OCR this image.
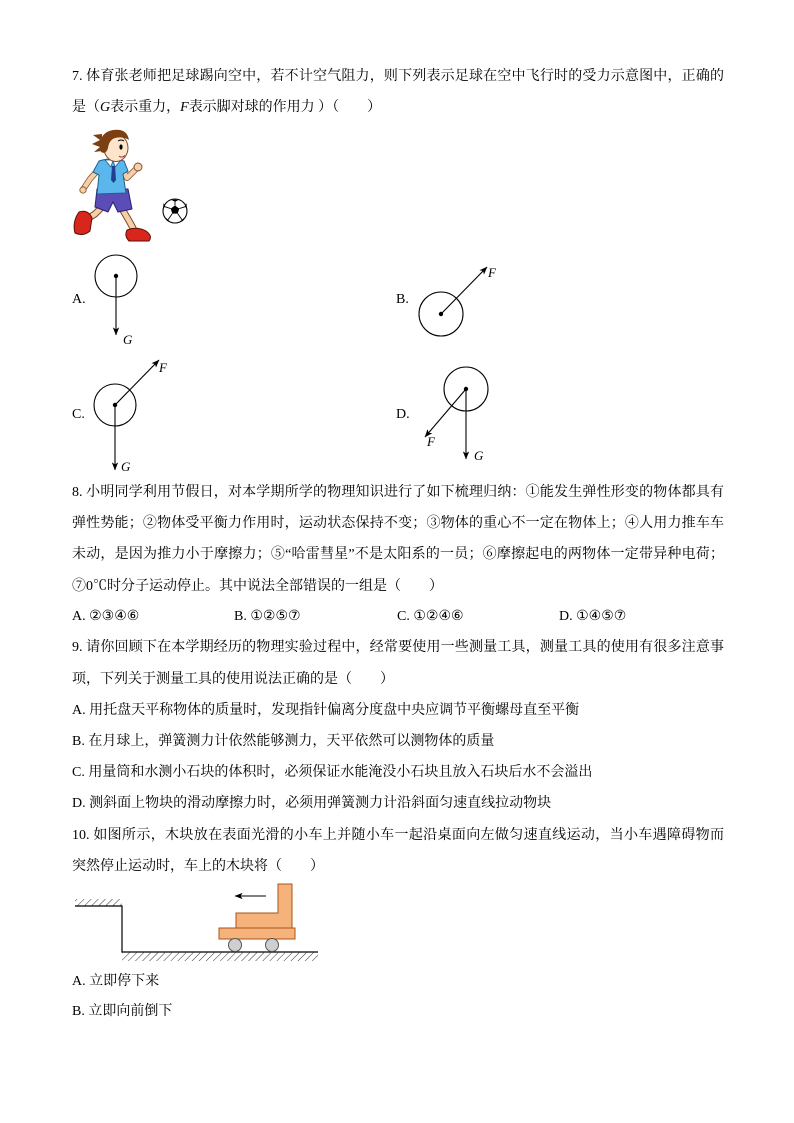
7. 体育张老师把足球踢向空中，若不计空气阻力，则下列表示足球在空中飞行时的受力示意图中，正确的
是（G表示重力，F表示脚对球的作用力 ）（　　）
A.
G
B.
F
C.
F
G
D.
F
G
8. 小明同学利用节假日，对本学期所学的物理知识进行了如下梳理归纳：①能发生弹性形变的物体都具有
弹性势能；②物体受平衡力作用时，运动状态保持不变；③物体的重心不一定在物体上；④人用力推车车
未动，是因为推力小于摩擦力；⑤“哈雷彗星”不是太阳系的一员；⑥摩擦起电的两物体一定带异种电荷；
⑦0℃时分子运动停止。其中说法全部错误的一组是（　　）
A. ②③④⑥	B. ①②⑤⑦	C. ①②④⑥	D. ①④⑤⑦
9. 请你回顾下在本学期经历的物理实验过程中，经常要使用一些测量工具，测量工具的使用有很多注意事
项，下列关于测量工具的使用说法正确的是（　　）
A. 用托盘天平称物体的质量时，发现指针偏离分度盘中央应调节平衡螺母直至平衡
B. 在月球上，弹簧测力计依然能够测力，天平依然可以测物体的质量
C. 用量筒和水测小石块的体积时，必须保证水能淹没小石块且放入石块后水不会溢出
D. 测斜面上物块的滑动摩擦力时，必须用弹簧测力计沿斜面匀速直线拉动物块
10. 如图所示，木块放在表面光滑的小车上并随小车一起沿桌面向左做匀速直线运动，当小车遇障碍物而
突然停止运动时，车上的木块将（　　）
A. 立即停下来
B. 立即向前倒下
